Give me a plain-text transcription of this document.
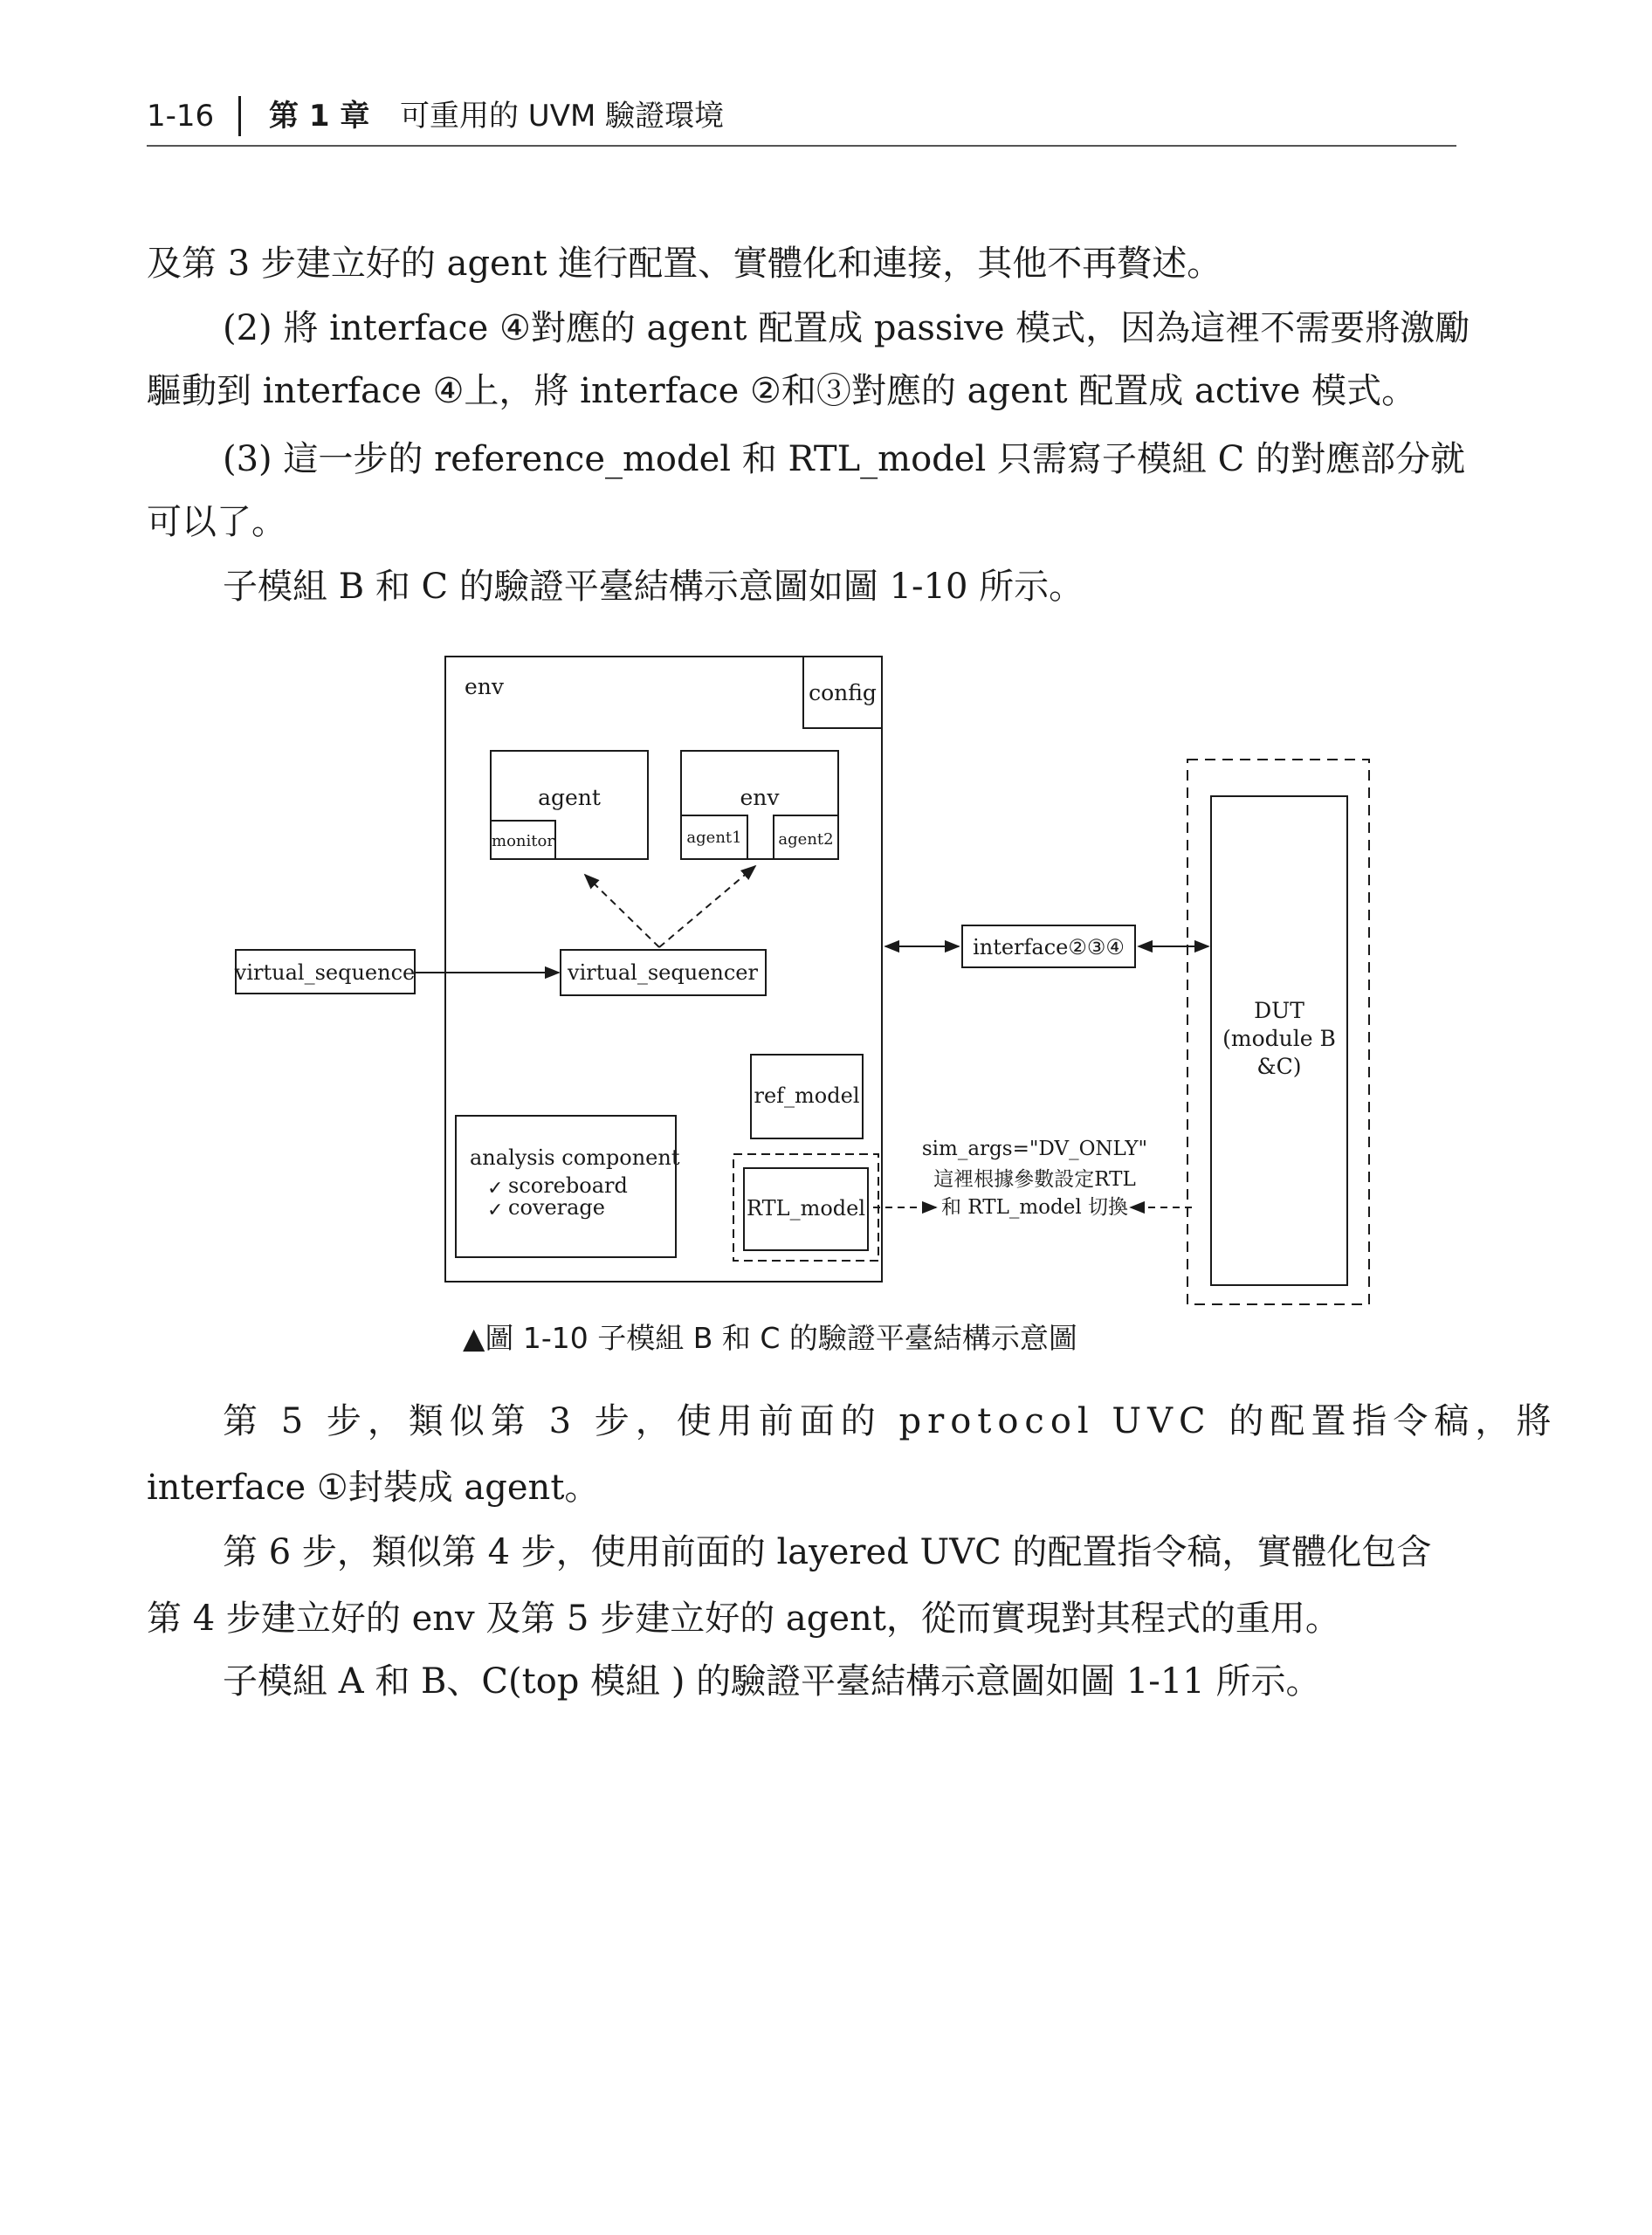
1-16 第 1 章 可重用的 UVM 驗證環境
及第 3 步建立好的 agent 進行配置、實體化和連接，其他不再贅述。
(2) 將 interface ④對應的 agent 配置成 passive 模式，因為這裡不需要將激勵
驅動到 interface ④上，將 interface ②和③對應的 agent 配置成 active 模式。
(3) 這一步的 reference_model 和 RTL_model 只需寫子模組 C 的對應部分就
可以了。
子模組 B 和 C 的驗證平臺結構示意圖如圖 1-10 所示。
env	config
agent
monitor
env
agent1 agent2
virtual_sequence	virtual_sequencer
interface②③④
DUT
(module B
&C)
ref_model
analysis component
✓ scoreboard
✓ coverage	RTL_model
sim_args="DV_ONLY"
這裡根據參數設定RTL
和 RTL_model 切換
▲圖 1-10 子模組 B 和 C 的驗證平臺結構示意圖
第 5 步，類似第 3 步，使用前面的 protocol UVC 的配置指令稿，將
interface ①封裝成 agent。
第 6 步，類似第 4 步，使用前面的 layered UVC 的配置指令稿，實體化包含
第 4 步建立好的 env 及第 5 步建立好的 agent，從而實現對其程式的重用。
子模組 A 和 B、C(top 模組 ) 的驗證平臺結構示意圖如圖 1-11 所示。
